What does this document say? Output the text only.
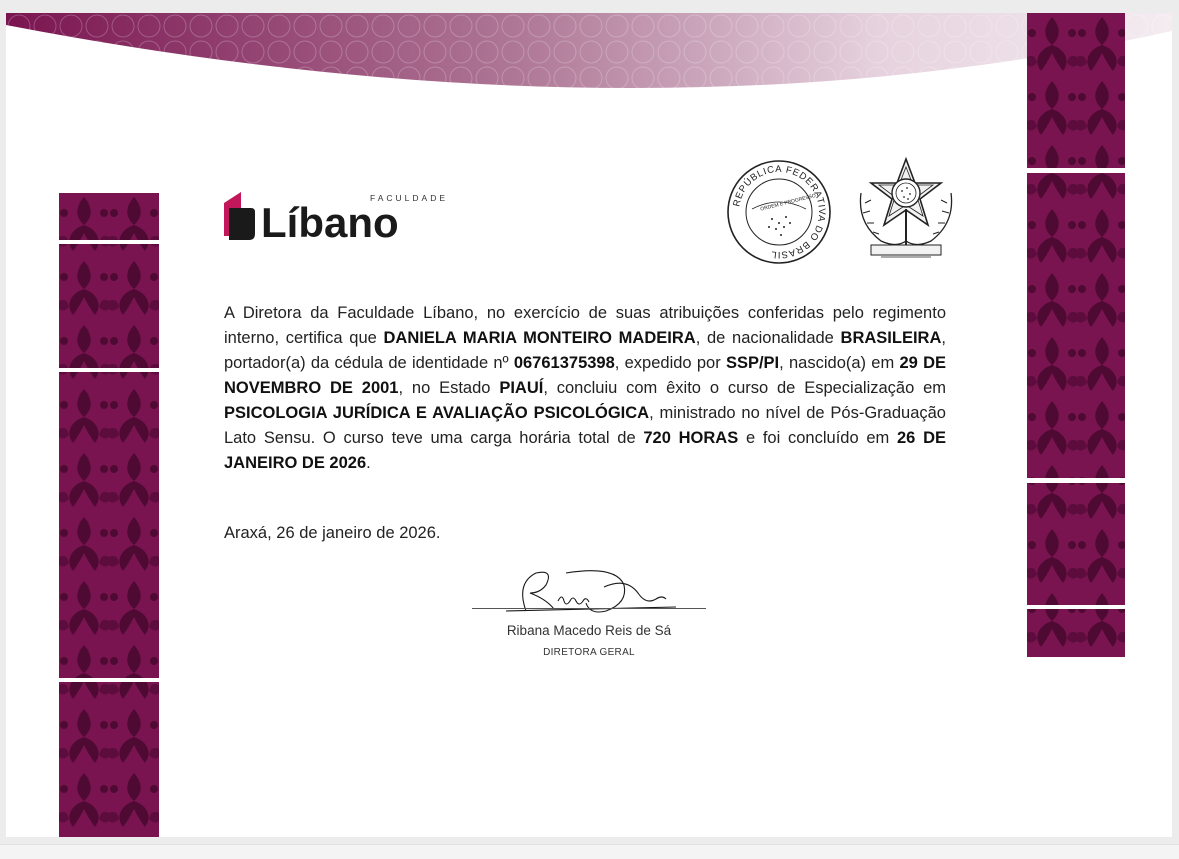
FACULDADE
Líbano	REPÚBLICA FEDERATIVA DO BRASIL
ORDEM E PROGRESSO
A Diretora da Faculdade Líbano, no exercício de suas atribuições conferidas pelo regimento interno, certifica que DANIELA MARIA MONTEIRO MADEIRA, de nacionalidade BRASILEIRA, portador(a) da cédula de identidade nº 06761375398, expedido por SSP/PI, nascido(a) em 29 DE NOVEMBRO DE 2001, no Estado PIAUÍ, concluiu com êxito o curso de Especialização em PSICOLOGIA JURÍDICA E AVALIAÇÃO PSICOLÓGICA, ministrado no nível de Pós-Graduação Lato Sensu. O curso teve uma carga horária total de 720 HORAS e foi concluído em 26 DE JANEIRO DE 2026.
Araxá, 26 de janeiro de 2026.
Ribana Macedo Reis de Sá
DIRETORA GERAL
